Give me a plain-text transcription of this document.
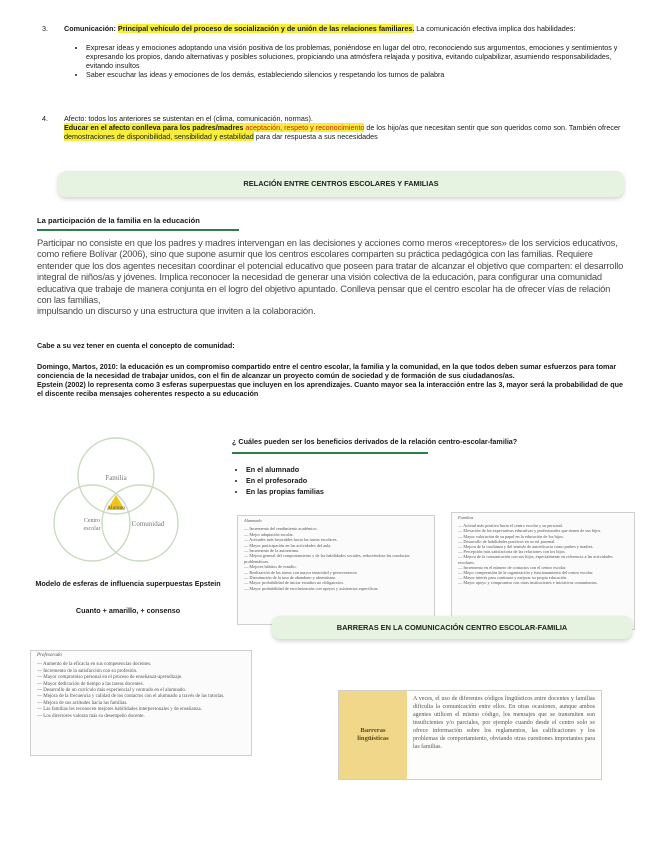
3.	Comunicación: Principal vehículo del proceso de socialización y de unión de las relaciones familiares. La comunicación efectiva implica dos habilidades:
• Expresar ideas y emociones adoptando una visión positiva de los problemas, poniéndose en lugar del otro, reconociendo sus argumentos, emociones y sentimientos y expresando los propios, dando alternativas y posibles soluciones, propiciando una atmósfera relajada y positiva, evitando culpabilizar, asumiendo responsabilidades, evitando insultos
• Saber escuchar las ideas y emociones de los demás, estableciendo silencios y respetando los turnos de palabra
4.	Afecto: todos los anteriores se sustentan en el (clima, comunicación, normas).
Educar en el afecto conlleva para los padres/madres aceptación, respeto y reconocimiento de los hijo/as que necesitan sentir que son queridos como son. También ofrecer demostraciones de disponibilidad, sensibilidad y estabilidad para dar respuesta a sus necesidades
RELACIÓN ENTRE CENTROS ESCOLARES Y FAMILIAS
La participación de la familia en la educación
Participar no consiste en que los padres y madres intervengan en las decisiones y acciones como meros «receptores» de los servicios educativos, como refiere Bolívar (2006), sino que supone asumir que los centros escolares comparten su práctica pedagógica con las familias. Requiere entender que los dos agentes necesitan coordinar el potencial educativo que poseen para tratar de alcanzar el objetivo que comparten: el desarrollo integral de niños/as y jóvenes. Implica reconocer la necesidad de generar una visión colectiva de la educación, para configurar una comunidad educativa que trabaje de manera conjunta en el logro del objetivo apuntado. Conlleva pensar que el centro escolar ha de ofrecer vías de relación con las familias,
impulsando un discurso y una estructura que inviten a la colaboración.
Cabe a su vez tener en cuenta el concepto de comunidad:
Domingo, Martos, 2010: la educación es un compromiso compartido entre el centro escolar, la familia y la comunidad, en la que todos deben sumar esfuerzos para tomar conciencia de la necesidad de trabajar unidos, con el fin de alcanzar un proyecto común de sociedad y de formación de sus ciudadanos/as.
Epstein (2002) lo representa como 3 esferas superpuestas que incluyen en los aprendizajes. Cuanto mayor sea la interacción entre las 3, mayor será la probabilidad de que el discente reciba mensajes coherentes respecto a su educación
Familia
Centro escolar
Comunidad
Alumno
Modelo de esferas de influencia superpuestas Epstein
Cuanto + amarillo, + consenso
¿ Cuáles pueden ser los beneficios derivados de la relación centro-escolar-familia?
• En el alumnado
• En el profesorado
• En las propias familias
Alumnado
— Incremento del rendimiento académico.
— Mejor adaptación escolar.
— Actitudes más favorables hacia las tareas escolares.
— Mayor participación en las actividades del aula.
— Incremento de la autoestima.
— Mejora general del comportamiento y de las habilidades sociales, reduciéndose las conductas problemáticas.
— Mejores hábitos de estudio.
— Realización de las tareas con mayor tenacidad y perseverancia.
— Disminución de la tasa de abandono y absentismo.
— Mayor probabilidad de iniciar estudios no obligatorios.
— Mayor probabilidad de escolarización con apoyos y asistencias específicas.
Familias
— Actitud más positiva hacia el centro escolar y su personal.
— Elevación de las expectativas educativas y profesionales que tienen de sus hijos.
— Mayor valoración de su papel en la educación de los hijos.
— Desarrollo de habilidades positivas en su rol parental.
— Mejora de la confianza y del sentido de autoeficacia como padres y madres.
— Percepción más satisfactoria de las relaciones con los hijos.
— Mejora de la comunicación con sus hijos, especialmente en referencia a las actividades escolares.
— Incremento en el número de contactos con el centro escolar.
— Mejor comprensión de la organización y funcionamiento del centro escolar.
— Mayor interés para continuar y mejorar su propia educación.
— Mayor apoyo y compromiso con otras instituciones e iniciativas comunitarias.
Profesorado
— Aumento de la eficacia en sus competencias docentes.
— Incremento de la satisfacción con su profesión.
— Mayor compromiso personal en el proceso de enseñanza-aprendizaje.
— Mayor dedicación de tiempo a las tareas docentes.
— Desarrollo de un currículo más experiencial y centrado en el alumnado.
— Mejora de la frecuencia y calidad de los contactos con el alumnado a través de las tutorías.
— Mejora de sus actitudes hacia las familias.
— Las familias les reconocen mejores habilidades interpersonales y de enseñanza.
— Los directores valoran más su desempeño docente.
BARRERAS EN LA COMUNICACIÓN CENTRO ESCOLAR-FAMILIA
Barreras lingüísticas
A veces, el uso de diferentes códigos lingüísticos entre docentes y familias dificulta la comunicación entre ellos. En otras ocasiones, aunque ambos agentes utilicen el mismo código, los mensajes que se transmiten son insuficientes y/o parciales, por ejemplo cuando desde el centro solo se ofrece información sobre los reglamentos, las calificaciones y los problemas de comportamiento, obviando otras cuestiones importantes para las familias.
